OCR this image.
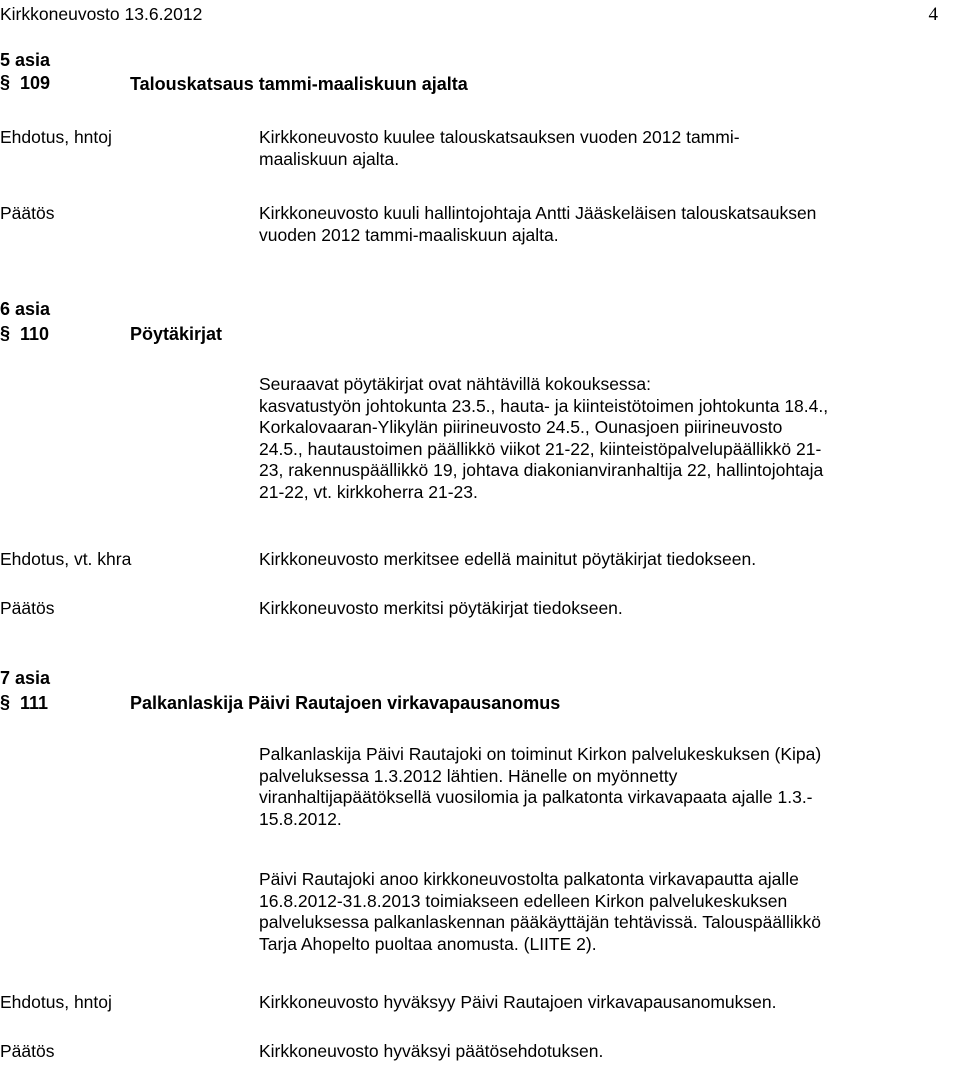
Kirkkoneuvosto 13.6.2012	4
5 asia
§ 109	Talouskatsaus tammi-maaliskuun ajalta
Ehdotus, hntoj	Kirkkoneuvosto kuulee talouskatsauksen vuoden 2012 tammi-
maaliskuun ajalta.
Päätös	Kirkkoneuvosto kuuli hallintojohtaja Antti Jääskeläisen talouskatsauksen
vuoden 2012 tammi-maaliskuun ajalta.
6 asia
§ 110	Pöytäkirjat
Seuraavat pöytäkirjat ovat nähtävillä kokouksessa:
kasvatustyön johtokunta 23.5., hauta- ja kiinteistötoimen johtokunta 18.4.,
Korkalovaaran-Ylikylän piirineuvosto 24.5., Ounasjoen piirineuvosto
24.5., hautaustoimen päällikkö viikot 21-22, kiinteistöpalvelupäällikkö 21-
23, rakennuspäällikkö 19, johtava diakonianviranhaltija 22, hallintojohtaja
21-22, vt. kirkkoherra 21-23.
Ehdotus, vt. khra	Kirkkoneuvosto merkitsee edellä mainitut pöytäkirjat tiedokseen.
Päätös	Kirkkoneuvosto merkitsi pöytäkirjat tiedokseen.
7 asia
§ 111	Palkanlaskija Päivi Rautajoen virkavapausanomus
Palkanlaskija Päivi Rautajoki on toiminut Kirkon palvelukeskuksen (Kipa)
palveluksessa 1.3.2012 lähtien. Hänelle on myönnetty
viranhaltijapäätöksellä vuosilomia ja palkatonta virkavapaata ajalle 1.3.-
15.8.2012.
Päivi Rautajoki anoo kirkkoneuvostolta palkatonta virkavapautta ajalle
16.8.2012-31.8.2013 toimiakseen edelleen Kirkon palvelukeskuksen
palveluksessa palkanlaskennan pääkäyttäjän tehtävissä. Talouspäällikkö
Tarja Ahopelto puoltaa anomusta. (LIITE 2).
Ehdotus, hntoj	Kirkkoneuvosto hyväksyy Päivi Rautajoen virkavapausanomuksen.
Päätös	Kirkkoneuvosto hyväksyi päätösehdotuksen.
